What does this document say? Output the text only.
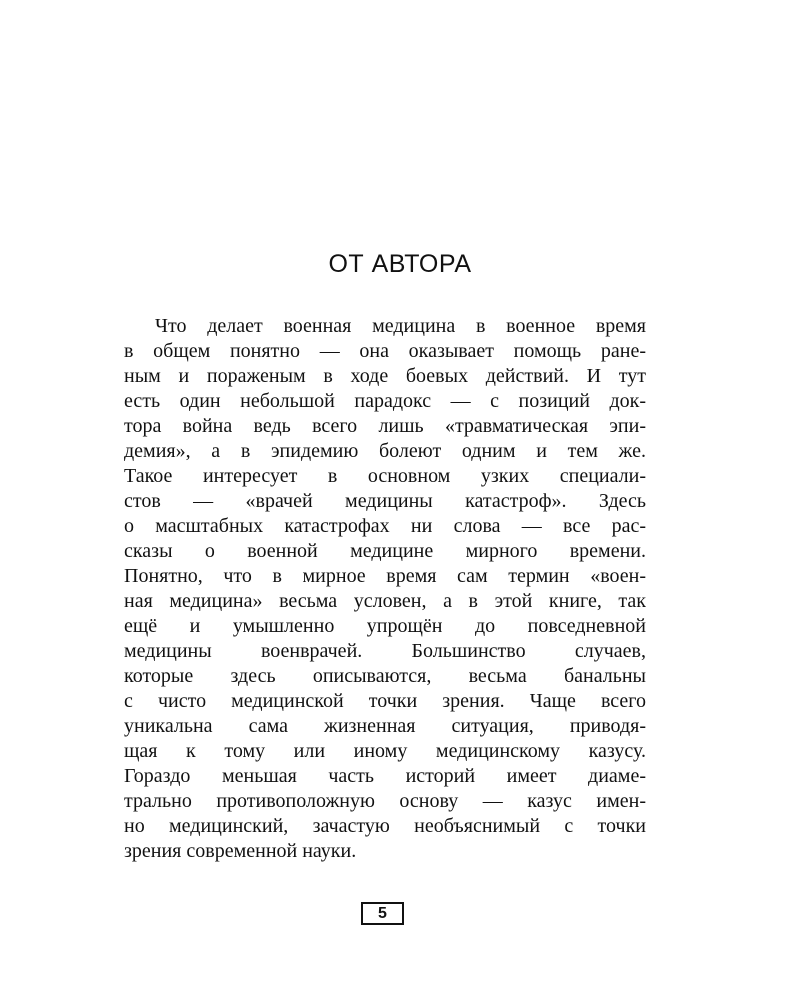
ОТ АВТОРА
Что делает военная медицина в военное время
в общем понятно — она оказывает помощь ране-
ным и пораженым в ходе боевых действий. И тут
есть один небольшой парадокс — с позиций док-
тора война ведь всего лишь «травматическая эпи-
демия», а в эпидемию болеют одним и тем же.
Такое интересует в основном узких специали-
стов — «врачей медицины катастроф». Здесь
о масштабных катастрофах ни слова — все рас-
сказы о военной медицине мирного времени.
Понятно, что в мирное время сам термин «воен-
ная медицина» весьма условен, а в этой книге, так
ещё и умышленно упрощён до повседневной
медицины военврачей. Большинство случаев,
которые здесь описываются, весьма банальны
с чисто медицинской точки зрения. Чаще всего
уникальна сама жизненная ситуация, приводя-
щая к тому или иному медицинскому казусу.
Гораздо меньшая часть историй имеет диаме-
трально противоположную основу — казус имен-
но медицинский, зачастую необъяснимый с точки
зрения современной науки.
5
